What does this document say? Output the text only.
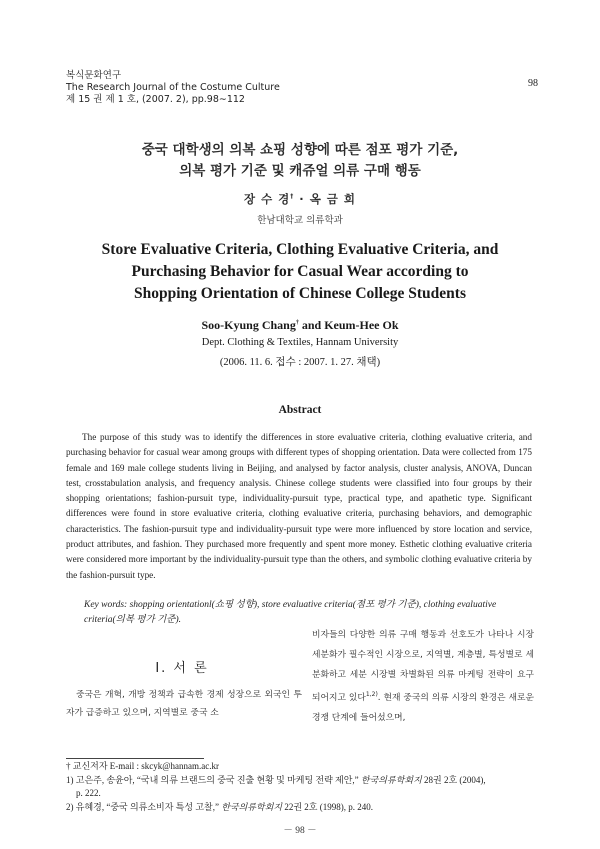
복식문화연구
The Research Journal of the Costume Culture
제 15 권 제 1 호, (2007. 2), pp.98∼112
98
중국 대학생의 의복 쇼핑 성향에 따른 점포 평가 기준,
의복 평가 기준 및 캐쥬얼 의류 구매 행동
장 수 경† · 옥 금 희
한남대학교 의류학과
Store Evaluative Criteria, Clothing Evaluative Criteria, and
Purchasing Behavior for Casual Wear according to
Shopping Orientation of Chinese College Students
Soo-Kyung Chang† and Keum-Hee Ok
Dept. Clothing & Textiles, Hannam University
(2006. 11. 6. 접수 : 2007. 1. 27. 채택)
Abstract
The purpose of this study was to identify the differences in store evaluative criteria, clothing evaluative criteria, and purchasing behavior for casual wear among groups with different types of shopping orientation. Data were collected from 175 female and 169 male college students living in Beijing, and analysed by factor analysis, cluster analysis, ANOVA, Duncan test, crosstabulation analysis, and frequency analysis. Chinese college students were classified into four groups by their shopping orientations; fashion-pursuit type, individuality-pursuit type, practical type, and apathetic type. Significant differences were found in store evaluative criteria, clothing evaluative criteria, purchasing behaviors, and demographic characteristics. The fashion-pursuit type and individuality-pursuit type were more influenced by store location and service, product attributes, and fashion. They purchased more frequently and spent more money. Esthetic clothing evaluative criteria were considered more important by the individuality-pursuit type than the others, and symbolic clothing evaluative criteria by the fashion-pursuit type.
Key words: shopping orientationl(쇼핑 성향), store evaluative criteria(점포 평가 기준), clothing evaluative criteria(의복 평가 기준).
Ⅰ. 서 론
중국은 개혁, 개방 정책과 급속한 경제 성장으로 외국인 투자가 급증하고 있으며, 지역별로 중국 소
비자들의 다양한 의류 구매 행동과 선호도가 나타나 시장 세분화가 필수적인 시장으로, 지역별, 계층별, 특성별로 세분화하고 세분 시장별 차별화된 의류 마케팅 전략이 요구되어지고 있다$^{1,2)}$. 현재 중국의 의류 시장의 환경은 새로운 경쟁 단계에 들어섰으며,

† 교신저자 E-mail : skcyk@hannam.ac.kr

1) 고은주, 송윤아, “국내 의류 브랜드의 중국 진출 현황 및 마케팅 전략 제안,” 한국의류학회지 28권 2호 (2004),

p. 222.

2) 유혜경, “중국 의류소비자 특성 고찰,” 한국의류학회지 22권 2호 (1998), p. 240.

－ 98 －
